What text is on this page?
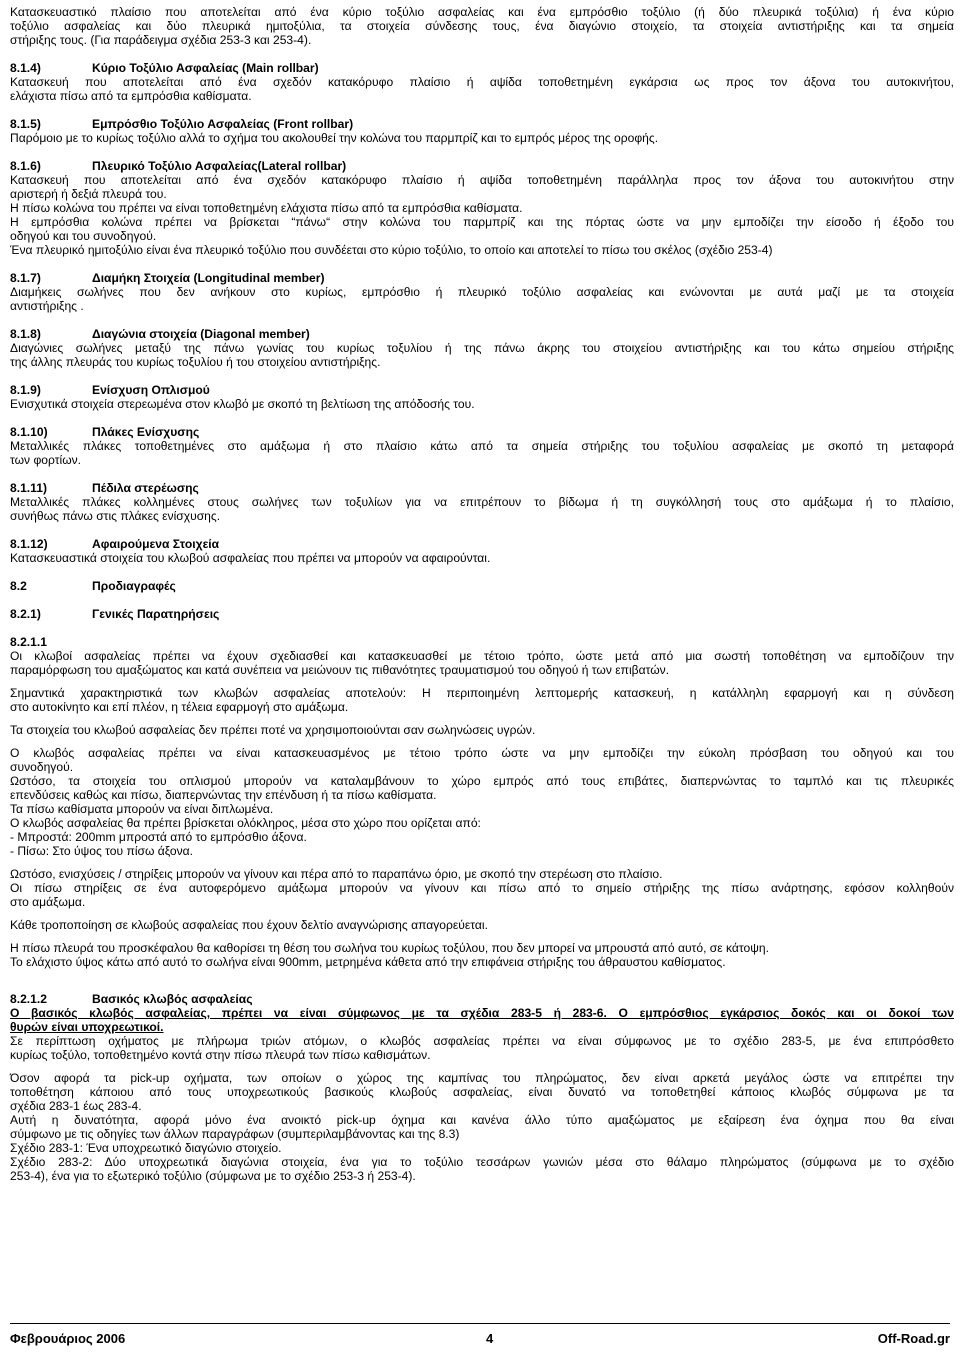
Κατασκευαστικό πλαίσιο που αποτελείται από ένα κύριο τοξύλιο ασφαλείας και ένα εμπρόσθιο τοξύλιο (ή δύο πλευρικά τοξύλια) ή ένα κύριο

τοξύλιο ασφαλείας και δύο πλευρικά ημιτοξύλια, τα στοιχεία σύνδεσης τους, ένα διαγώνιο στοιχείο, τα στοιχεία αντιστήριξης και τα σημεία

στήριξης τους. (Για παράδειγμα σχέδια 253-3 και 253-4).

8.1.4)	Κύριο Τοξύλιο Ασφαλείας (Main rollbar)

Κατασκευή που αποτελείται από ένα σχεδόν κατακόρυφο πλαίσιο ή αψίδα τοποθετημένη εγκάρσια ως προς τον άξονα του αυτοκινήτου,

ελάχιστα πίσω από τα εμπρόσθια καθίσματα.

8.1.5)	Εμπρόσθιο Τοξύλιο Ασφαλείας (Front rollbar)

Παρόμοιο με το κυρίως τοξύλιο αλλά το σχήμα του ακολουθεί την κολώνα του παρμπρίζ και το εμπρός μέρος της οροφής.

8.1.6)	Πλευρικό Τοξύλιο Ασφαλείας(Lateral rollbar)

Κατασκευή που αποτελείται από ένα σχεδόν κατακόρυφο πλαίσιο ή αψίδα τοποθετημένη παράλληλα προς τον άξονα του αυτοκινήτου στην

αριστερή ή δεξιά πλευρά του.

Η πίσω κολώνα του πρέπει να είναι τοποθετημένη ελάχιστα πίσω από τα εμπρόσθια καθίσματα.

Η εμπρόσθια κολώνα πρέπει να βρίσκεται “πάνω“ στην κολώνα του παρμπρίζ και της πόρτας ώστε να μην εμποδίζει την είσοδο ή έξοδο του

οδηγού και του συνοδηγού.

Ένα πλευρικό ημιτοξύλιο είναι ένα πλευρικό τοξύλιο που συνδέεται στο κύριο τοξύλιο, το οποίο και αποτελεί το πίσω του σκέλος (σχέδιο 253-4)

8.1.7)	Διαμήκη Στοιχεία (Longitudinal member)

Διαμήκεις σωλήνες που δεν ανήκουν στο κυρίως, εμπρόσθιο ή πλευρικό τοξύλιο ασφαλείας και ενώνονται με αυτά μαζί με τα στοιχεία

αντιστήριξης .

8.1.8)	Διαγώνια στοιχεία (Diagonal member)

Διαγώνιες σωλήνες μεταξύ της πάνω γωνίας του κυρίως τοξυλίου ή της πάνω άκρης του στοιχείου αντιστήριξης και του κάτω σημείου στήριξης

της άλλης πλευράς του κυρίως τοξυλίου ή του στοιχείου αντιστήριξης.

8.1.9)	Ενίσχυση Οπλισμού

Ενισχυτικά στοιχεία στερεωμένα στον κλωβό με σκοπό τη βελτίωση της απόδοσής του.

8.1.10)	Πλάκες Ενίσχυσης

Μεταλλικές πλάκες τοποθετημένες στο αμάξωμα ή στο πλαίσιο κάτω από τα σημεία στήριξης του τοξυλίου ασφαλείας με σκοπό τη μεταφορά

των φορτίων.

8.1.11)	Πέδιλα στερέωσης

Μεταλλικές πλάκες κολλημένες στους σωλήνες των τοξυλίων για να επιτρέπουν το βίδωμα ή τη συγκόλλησή τους στο αμάξωμα ή το πλαίσιο,

συνήθως πάνω στις πλάκες ενίσχυσης.

8.1.12)	Αφαιρούμενα Στοιχεία

Κατασκευαστικά στοιχεία του κλωβού ασφαλείας που πρέπει να μπορούν να αφαιρούνται.

8.2	Προδιαγραφές
8.2.1)	Γενικές Παρατηρήσεις
8.2.1.1

Οι κλωβοί ασφαλείας πρέπει να έχουν σχεδιασθεί και κατασκευασθεί με τέτοιο τρόπο, ώστε μετά από μια σωστή τοποθέτηση να εμποδίζουν την

παραμόρφωση του αμαξώματος και κατά συνέπεια να μειώνουν τις πιθανότητες τραυματισμού του οδηγού ή των επιβατών.

Σημαντικά χαρακτηριστικά των κλωβών ασφαλείας αποτελούν: Η περιποιημένη λεπτομερής κατασκευή, η κατάλληλη εφαρμογή και η σύνδεση

στο αυτοκίνητο και επί πλέον, η τέλεια εφαρμογή στο αμάξωμα.

Τα στοιχεία του κλωβού ασφαλείας δεν πρέπει ποτέ να χρησιμοποιούνται σαν σωληνώσεις υγρών.

Ο κλωβός ασφαλείας πρέπει να είναι κατασκευασμένος με τέτοιο τρόπο ώστε να μην εμποδίζει την εύκολη πρόσβαση του οδηγού και του

συνοδηγού.

Ωστόσο, τα στοιχεία του οπλισμού μπορούν να καταλαμβάνουν το χώρο εμπρός από τους επιβάτες, διαπερνώντας το ταμπλό και τις πλευρικές

επενδύσεις καθώς και πίσω, διαπερνώντας την επένδυση ή τα πίσω καθίσματα.

Τα πίσω καθίσματα μπορούν να είναι διπλωμένα.

Ο κλωβός ασφαλείας θα πρέπει βρίσκεται ολόκληρος, μέσα στο χώρο που ορίζεται από:

- Μπροστά: 200mm μπροστά από το εμπρόσθιο άξονα.

- Πίσω: Στο ύψος του πίσω άξονα.

Ωστόσο, ενισχύσεις / στηρίξεις μπορούν να γίνουν και πέρα από το παραπάνω όριο, με σκοπό την στερέωση στο πλαίσιο.

Οι πίσω στηρίξεις σε ένα αυτοφερόμενο αμάξωμα μπορούν να γίνουν και πίσω από το σημείο στήριξης της πίσω ανάρτησης, εφόσον κολληθούν

στο αμάξωμα.

Κάθε τροποποίηση σε κλωβούς ασφαλείας που έχουν δελτίο αναγνώρισης απαγορεύεται.

Η πίσω πλευρά του προσκέφαλου θα καθορίσει τη θέση του σωλήνα του κυρίως τοξύλου, που δεν μπορεί να μπρουστά από αυτό, σε κάτοψη.

Το ελάχιστο ύψος κάτω από αυτό το σωλήνα είναι 900mm, μετρημένα κάθετα από την επιφάνεια στήριξης του άθραυστου καθίσματος.

8.2.1.2	Βασικός κλωβός ασφαλείας

Ο βασικός κλωβός ασφαλείας, πρέπει να είναι σύμφωνος με τα σχέδια 283-5 ή 283-6. Ο εμπρόσθιος εγκάρσιος δοκός και οι δοκοί των

θυρών είναι υποχρεωτικοί.

Σε περίπτωση οχήματος με πλήρωμα τριών ατόμων, ο κλωβός ασφαλείας πρέπει να είναι σύμφωνος με το σχέδιο 283-5, με ένα επιπρόσθετο

κυρίως τοξύλο, τοποθετημένο κοντά στην πίσω πλευρά των πίσω καθισμάτων.

Όσον αφορά τα pick-up οχήματα, των οποίων ο χώρος της καμπίνας του πληρώματος, δεν είναι αρκετά μεγάλος ώστε να επιτρέπει την

τοποθέτηση κάποιου από τους υποχρεωτικούς βασικούς κλωβούς ασφαλείας, είναι δυνατό να τοποθετηθεί κάποιος κλωβός σύμφωνα με τα

σχέδια 283-1 έως 283-4.

Αυτή η δυνατότητα, αφορά μόνο ένα ανοικτό pick-up όχημα και κανένα άλλο τύπο αμαξώματος με εξαίρεση ένα όχημα που θα είναι

σύμφωνο με τις οδηγίες των άλλων παραγράφων (συμπεριλαμβάνοντας και της 8.3)

Σχέδιο 283-1: Ένα υποχρεωτικό διαγώνιο στοιχείο.

Σχέδιο 283-2: Δύο υποχρεωτικά διαγώνια στοιχεία, ένα για το τοξύλιο τεσσάρων γωνιών μέσα στο θάλαμο πληρώματος (σύμφωνα με το σχέδιο

253-4), ένα για το εξωτερικό τοξύλιο (σύμφωνα με το σχέδιο 253-3 ή 253-4).

Φεβρουάριος 2006	4	Off-Road.gr
